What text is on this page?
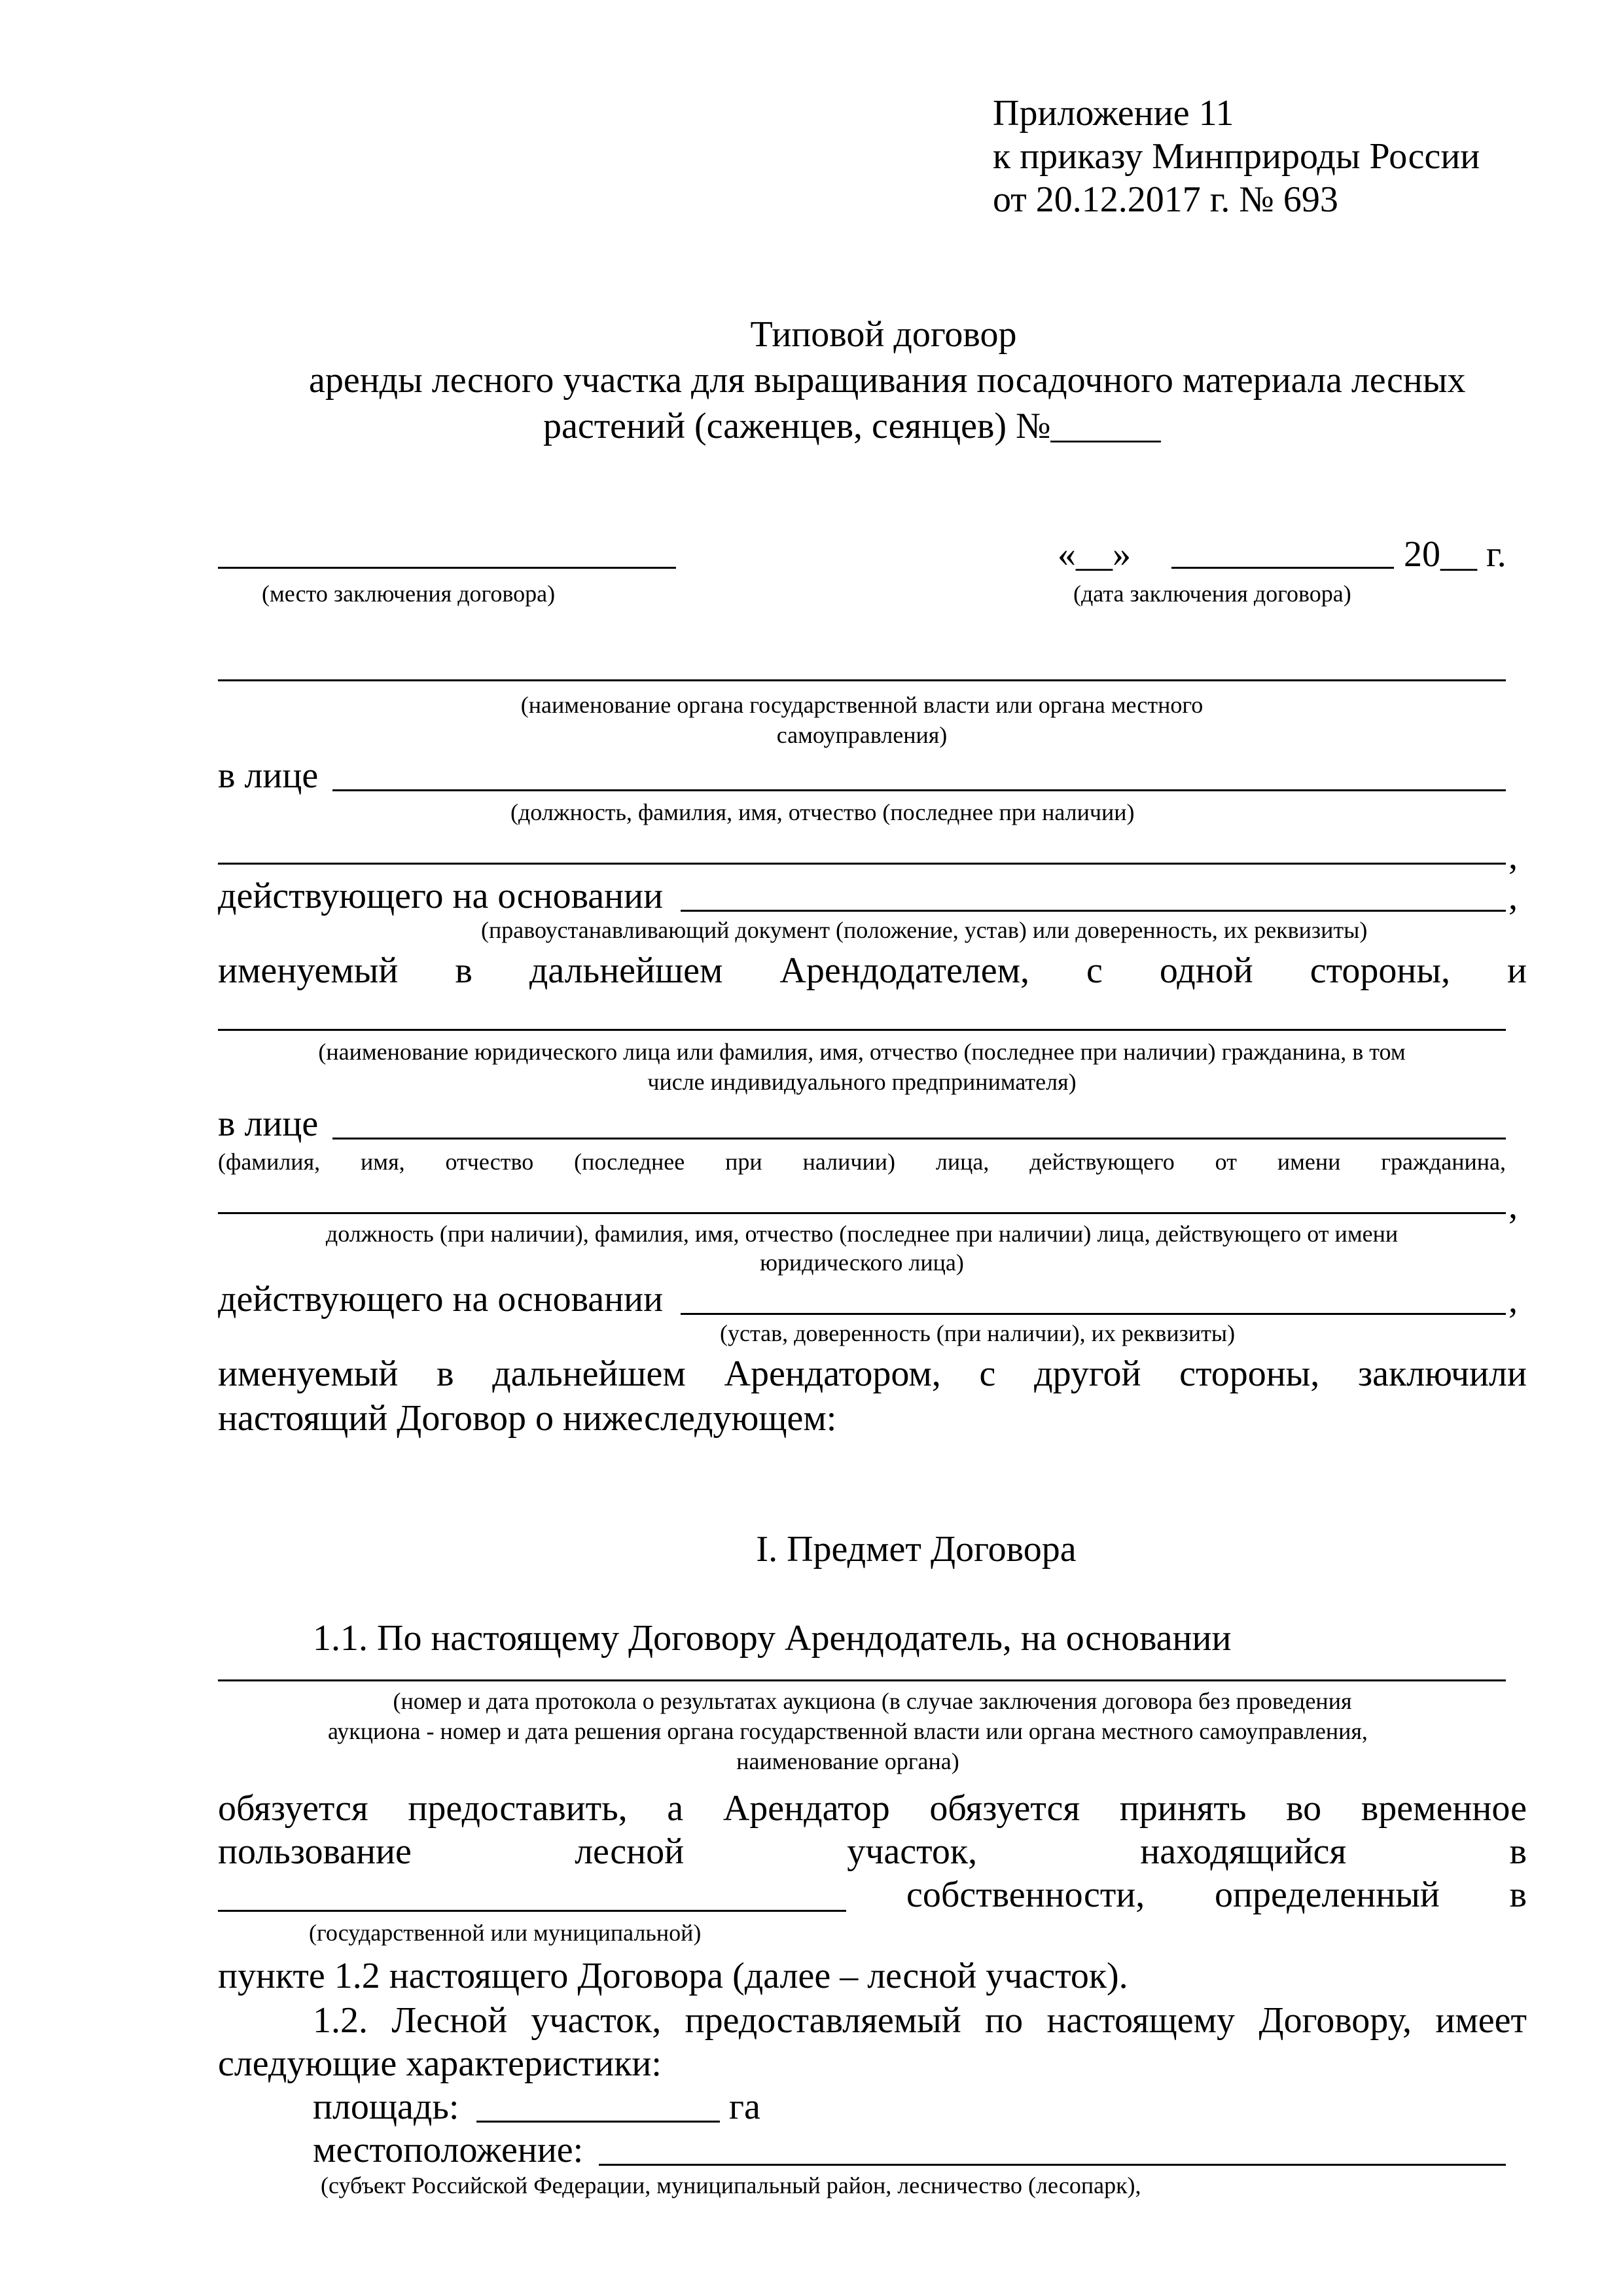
Приложение 11
к приказу Минприроды России
от 20.12.2017 г. № 693
Типовой договор
аренды лесного участка для выращивания посадочного материала лесных
растений (саженцев, сеянцев) №______
«__»	20__ г.
(место заключения договора)	(дата заключения договора)
(наименование органа государственной власти или органа местного
самоуправления)
в лице
(должность, фамилия, имя, отчество (последнее при наличии)
,
действующего на основании	,
(правоустанавливающий документ (положение, устав) или доверенность, их реквизиты)
именуемый в дальнейшем Арендодателем, с одной стороны, и
(наименование юридического лица или фамилия, имя, отчество (последнее при наличии) гражданина, в том
числе индивидуального предпринимателя)
в лице
(фамилия, имя, отчество (последнее при наличии) лица, действующего от имени гражданина,
,
должность (при наличии), фамилия, имя, отчество (последнее при наличии) лица, действующего от имени
юридического лица)
действующего на основании	,
(устав, доверенность (при наличии), их реквизиты)
именуемый в дальнейшем Арендатором, с другой стороны, заключили
настоящий Договор о нижеследующем:
I. Предмет Договора
1.1. По настоящему Договору Арендодатель, на основании
(номер и дата протокола о результатах аукциона (в случае заключения договора без проведения
аукциона - номер и дата решения органа государственной власти или органа местного самоуправления,
наименование органа)
обязуется предоставить, а Арендатор обязуется принять во временное
пользование	лесной	участок,	находящийся	в
собственности, определенный в
(государственной или муниципальной)
пункте 1.2 настоящего Договора (далее – лесной участок).
1.2. Лесной участок, предоставляемый по настоящему Договору, имеет
следующие характеристики:
площадь:	га
местоположение:
(субъект Российской Федерации, муниципальный район, лесничество (лесопарк),
